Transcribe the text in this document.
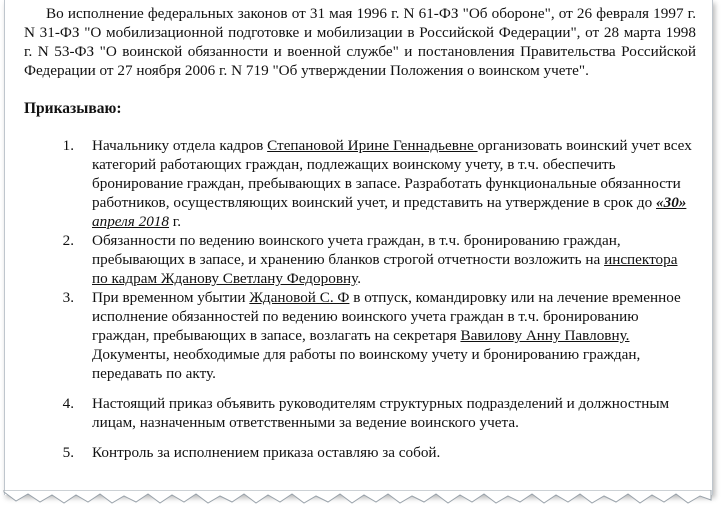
Во исполнение федеральных законов от 31 мая 1996 г. N 61-ФЗ "Об обороне", от 26 февраля 1997 г. N 31-ФЗ "О мобилизационной подготовке и мобилизации в Российской Федерации", от 28 марта 1998 г. N 53-ФЗ "О воинской обязанности и военной службе" и постановления Правительства Российской Федерации от 27 ноября 2006 г. N 719 "Об утверждении Положения о воинском учете".

Приказываю:
1. Начальнику отдела кадров Степановой Ирине Геннадьевне организовать воинский учет всех категорий работающих граждан, подлежащих воинскому учету, в т.ч. обеспечить бронирование граждан, пребывающих в запасе. Разработать функциональные обязанности работников, осуществляющих воинский учет, и представить на утверждение в срок до «30» апреля 2018 г.
2. Обязанности по ведению воинского учета граждан, в т.ч. бронированию граждан, пребывающих в запасе, и хранению бланков строгой отчетности возложить на инспектора по кадрам Жданову Светлану Федоровну.
3. При временном убытии Ждановой С. Ф в отпуск, командировку или на лечение временное исполнение обязанностей по ведению воинского учета граждан в т.ч. бронированию граждан, пребывающих в запасе, возлагать на секретаря Вавилову Анну Павловну. Документы, необходимые для работы по воинскому учету и бронированию граждан, передавать по акту.
4. Настоящий приказ объявить руководителям структурных подразделений и должностным лицам, назначенным ответственными за ведение воинского учета.
5. Контроль за исполнением приказа оставляю за собой.
